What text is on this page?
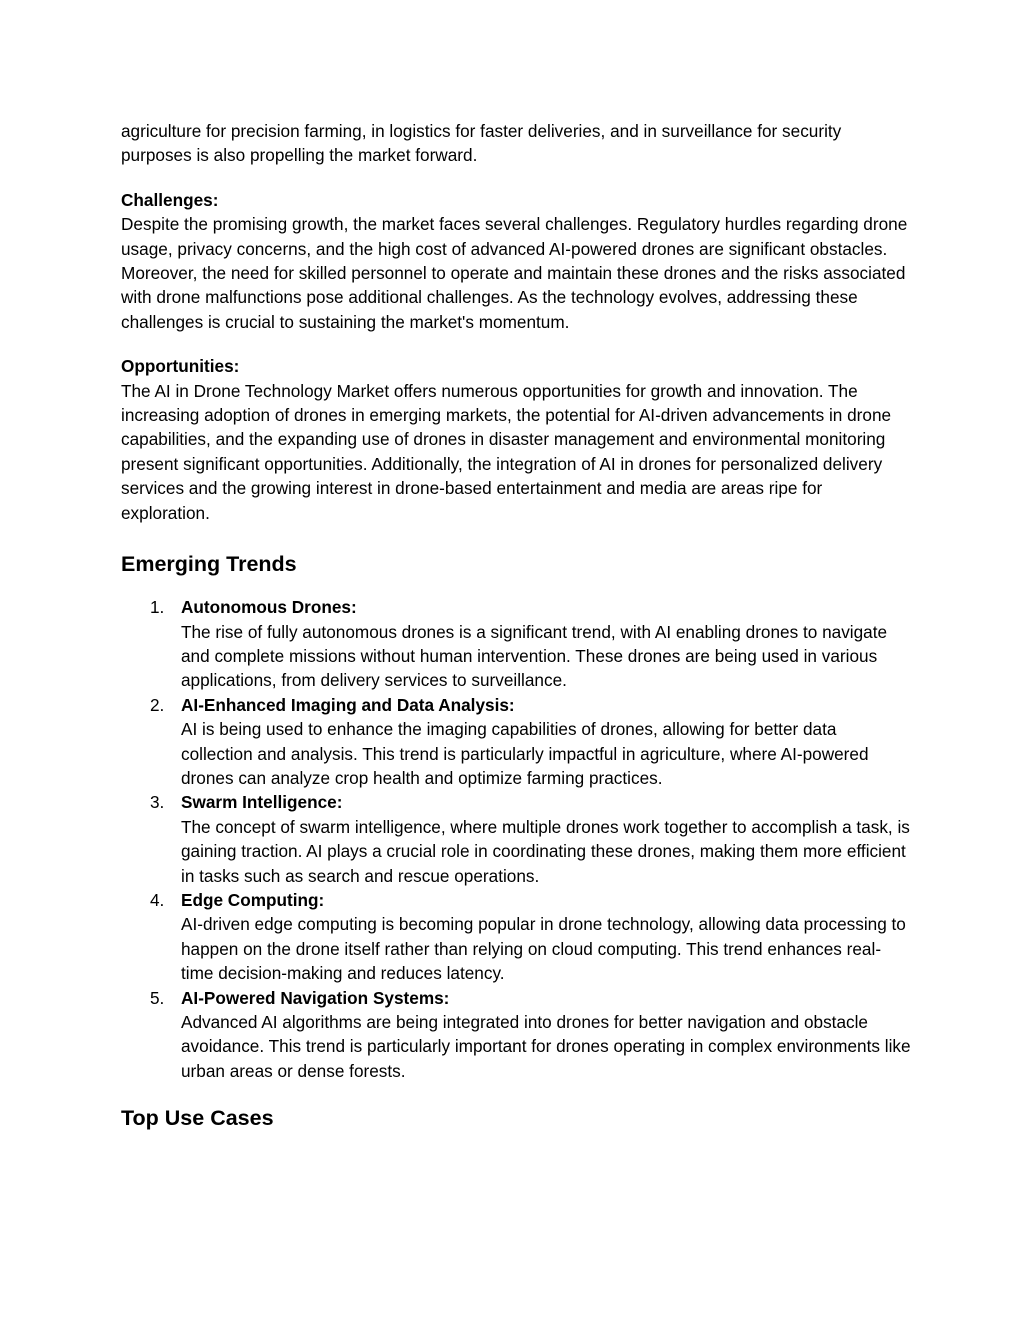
agriculture for precision farming, in logistics for faster deliveries, and in surveillance for security purposes is also propelling the market forward.

Challenges:
Despite the promising growth, the market faces several challenges. Regulatory hurdles regarding drone usage, privacy concerns, and the high cost of advanced AI-powered drones are significant obstacles. Moreover, the need for skilled personnel to operate and maintain these drones and the risks associated with drone malfunctions pose additional challenges. As the technology evolves, addressing these challenges is crucial to sustaining the market's momentum.

Opportunities:
The AI in Drone Technology Market offers numerous opportunities for growth and innovation. The increasing adoption of drones in emerging markets, the potential for AI-driven advancements in drone capabilities, and the expanding use of drones in disaster management and environmental monitoring present significant opportunities. Additionally, the integration of AI in drones for personalized delivery services and the growing interest in drone-based entertainment and media are areas ripe for exploration.

Emerging Trends
1. Autonomous Drones:
The rise of fully autonomous drones is a significant trend, with AI enabling drones to navigate and complete missions without human intervention. These drones are being used in various applications, from delivery services to surveillance.
2. AI-Enhanced Imaging and Data Analysis:
AI is being used to enhance the imaging capabilities of drones, allowing for better data collection and analysis. This trend is particularly impactful in agriculture, where AI-powered drones can analyze crop health and optimize farming practices.
3. Swarm Intelligence:
The concept of swarm intelligence, where multiple drones work together to accomplish a task, is gaining traction. AI plays a crucial role in coordinating these drones, making them more efficient in tasks such as search and rescue operations.
4. Edge Computing:
AI-driven edge computing is becoming popular in drone technology, allowing data processing to happen on the drone itself rather than relying on cloud computing. This trend enhances real-time decision-making and reduces latency.
5. AI-Powered Navigation Systems:
Advanced AI algorithms are being integrated into drones for better navigation and obstacle avoidance. This trend is particularly important for drones operating in complex environments like urban areas or dense forests.
Top Use Cases
